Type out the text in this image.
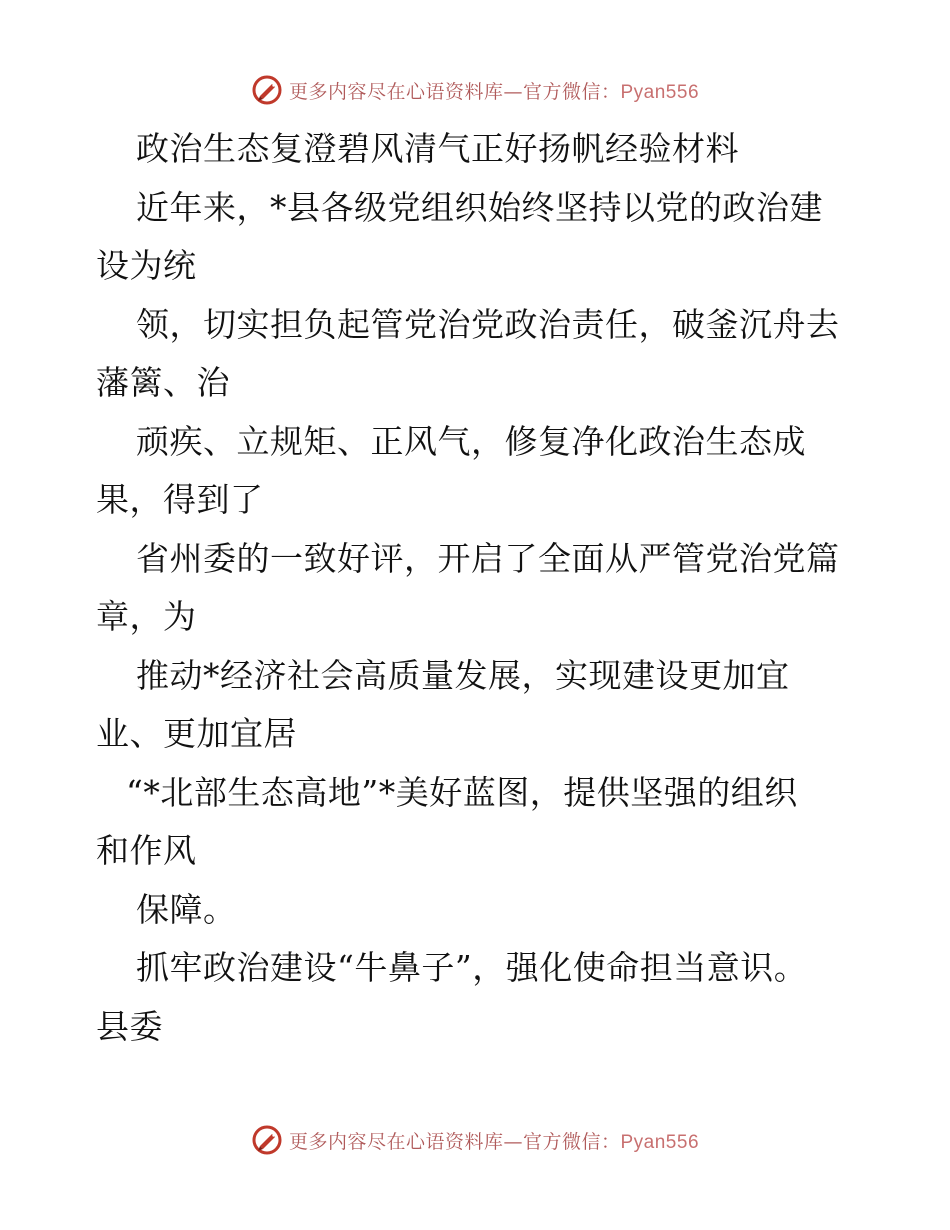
更多内容尽在心语资料库—官方微信：Pyan556
政治生态复澄碧风清气正好扬帆经验材料
近年来，*县各级党组织始终坚持以党的政治建
设为统
领，切实担负起管党治党政治责任，破釜沉舟去
藩篱、治
顽疾、立规矩、正风气，修复净化政治生态成
果，得到了
省州委的一致好评，开启了全面从严管党治党篇
章，为
推动*经济社会高质量发展，实现建设更加宜
业、更加宜居
“*北部生态高地”*美好蓝图，提供坚强的组织
和作风
保障。
抓牢政治建设“牛鼻子”，强化使命担当意识。
县委
更多内容尽在心语资料库—官方微信：Pyan556
